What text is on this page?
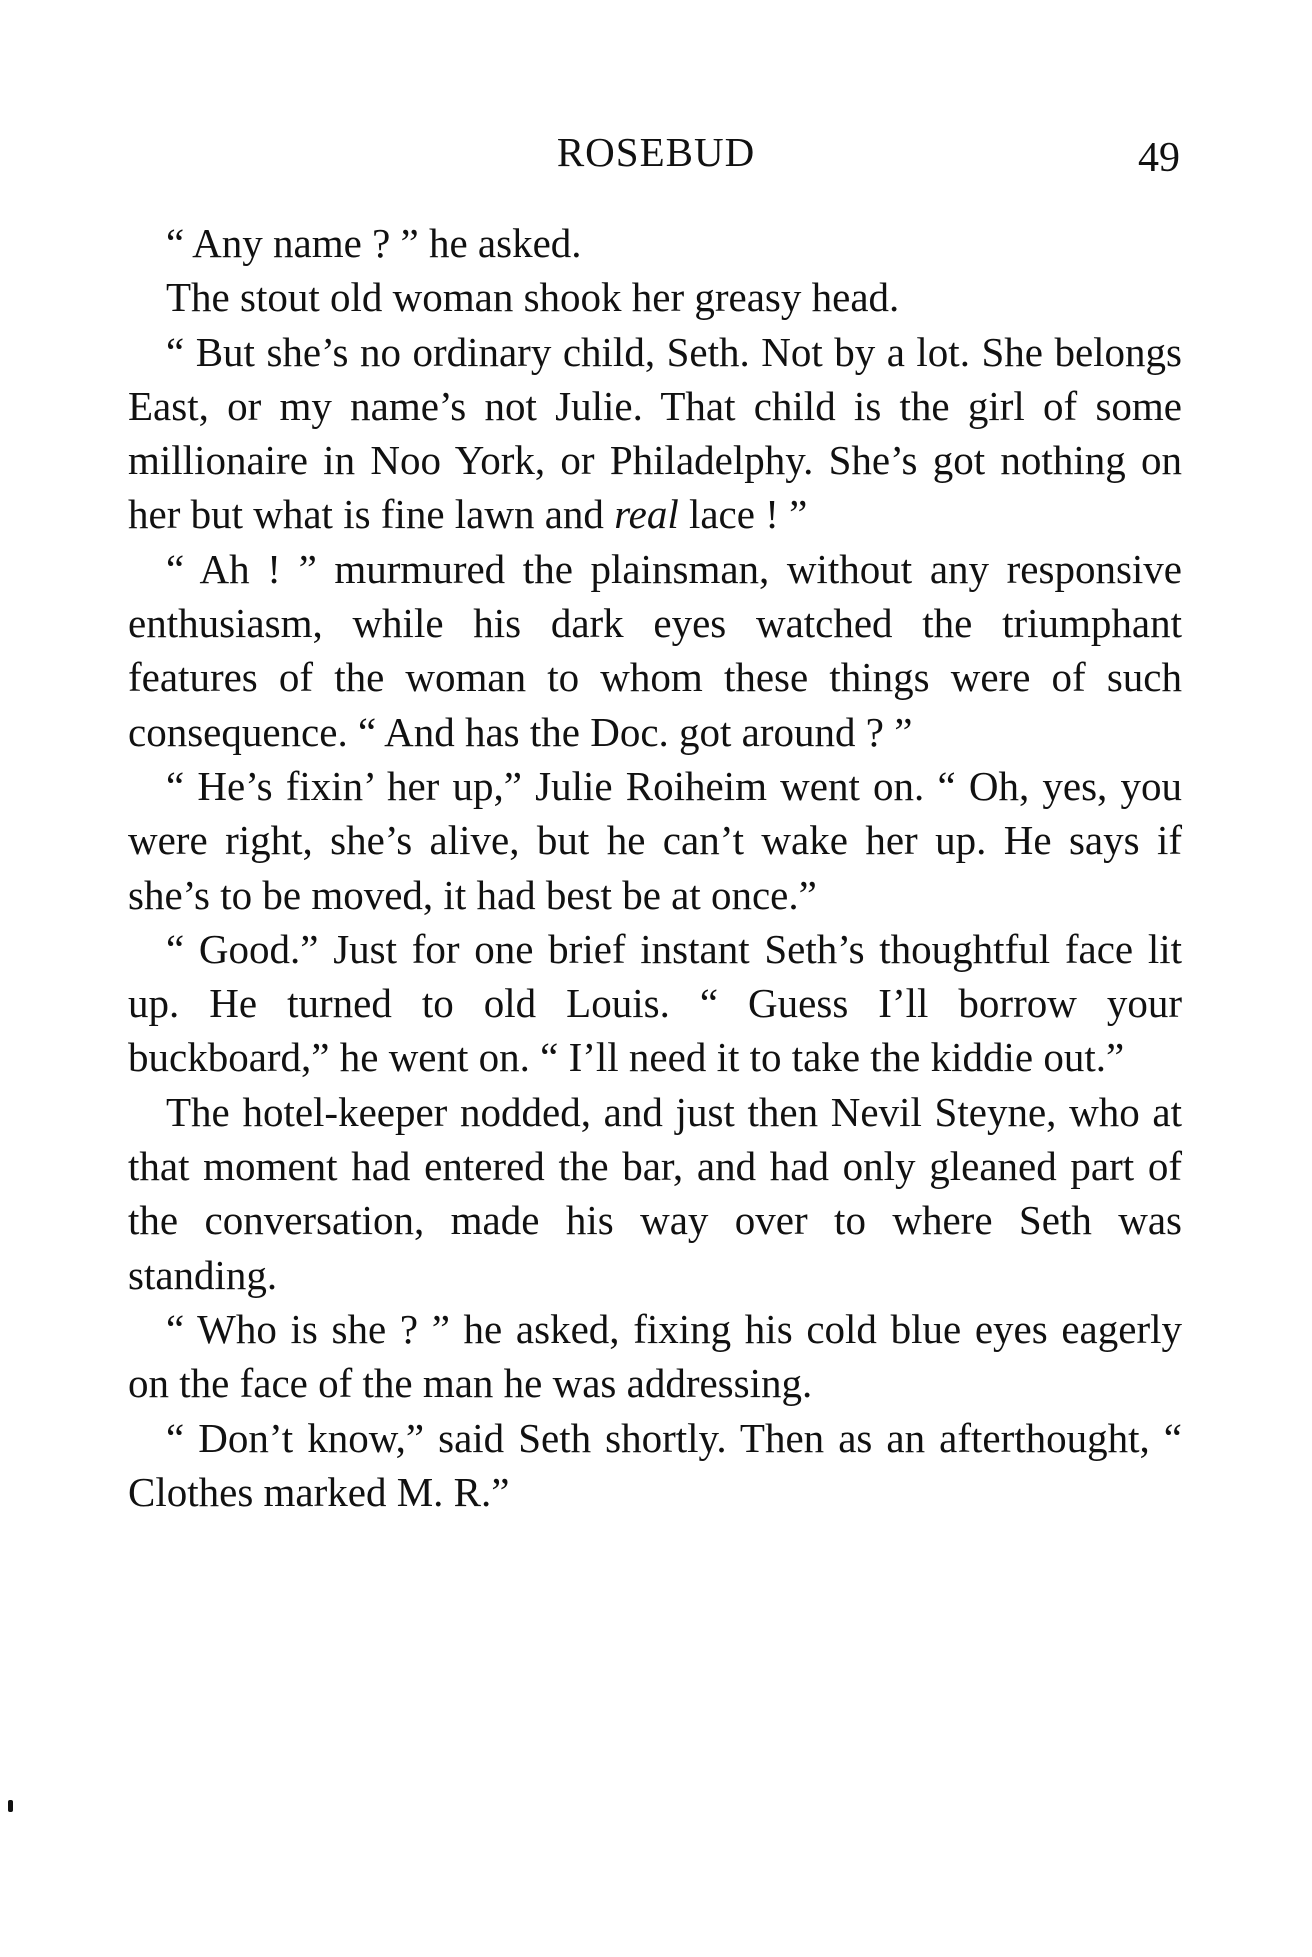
ROSEBUD	49

“ Any name ? ” he asked.

The stout old woman shook her greasy head.

“ But she’s no ordinary child, Seth. Not by a lot. She belongs East, or my name’s not Julie. That child is the girl of some millionaire in Noo York, or Philadelphy. She’s got nothing on her but what is fine lawn and real lace ! ”

“ Ah ! ” murmured the plainsman, without any responsive enthusiasm, while his dark eyes watched the triumphant features of the woman to whom these things were of such consequence. “ And has the Doc. got around ? ”

“ He’s fixin’ her up,” Julie Roiheim went on. “ Oh, yes, you were right, she’s alive, but he can’t wake her up. He says if she’s to be moved, it had best be at once.”

“ Good.” Just for one brief instant Seth’s thoughtful face lit up. He turned to old Louis. “ Guess I’ll borrow your buckboard,” he went on. “ I’ll need it to take the kiddie out.”

The hotel-keeper nodded, and just then Nevil Steyne, who at that moment had entered the bar, and had only gleaned part of the conversation, made his way over to where Seth was standing.

“ Who is she ? ” he asked, fixing his cold blue eyes eagerly on the face of the man he was addressing.

“ Don’t know,” said Seth shortly. Then as an afterthought, “ Clothes marked M. R.”
